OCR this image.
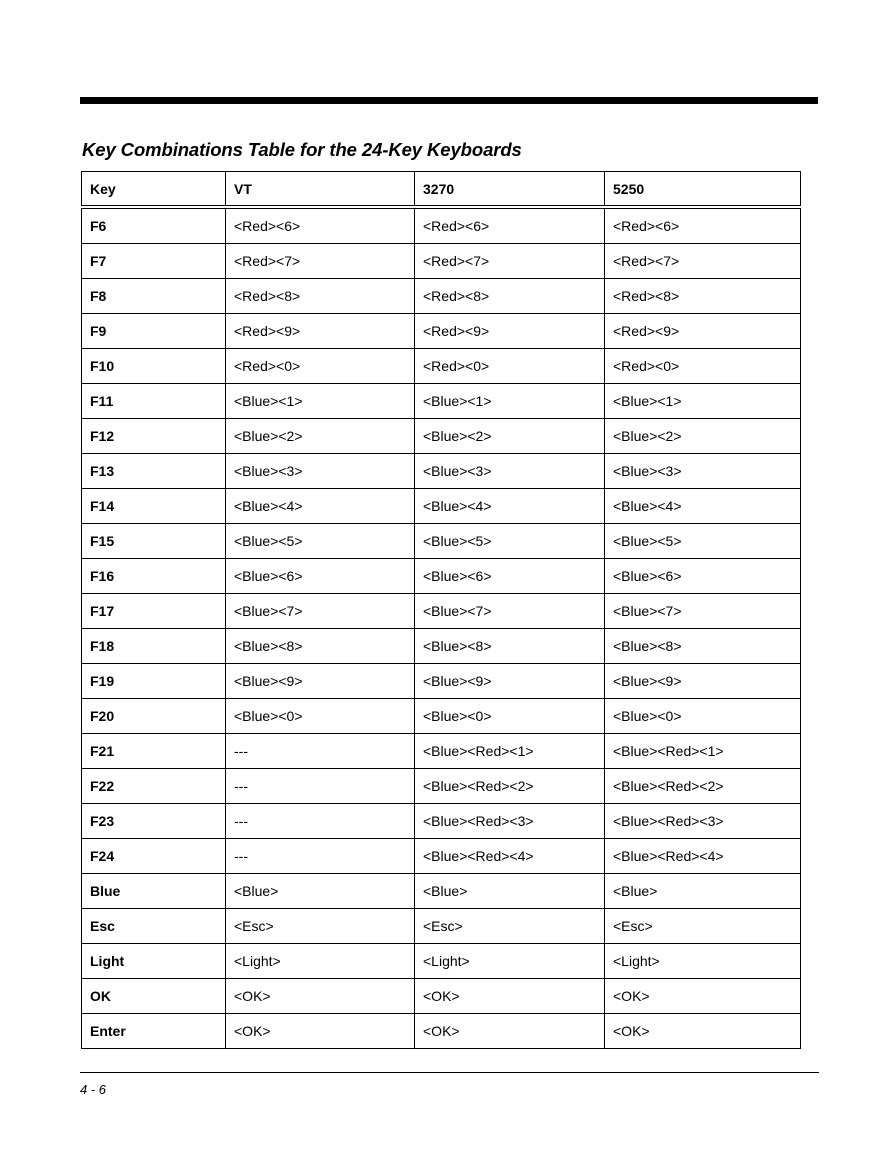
Key Combinations Table for the 24-Key Keyboards
Key	VT	3270	5250
F6	<Red><6>	<Red><6>	<Red><6>
F7	<Red><7>	<Red><7>	<Red><7>
F8	<Red><8>	<Red><8>	<Red><8>
F9	<Red><9>	<Red><9>	<Red><9>
F10	<Red><0>	<Red><0>	<Red><0>
F11	<Blue><1>	<Blue><1>	<Blue><1>
F12	<Blue><2>	<Blue><2>	<Blue><2>
F13	<Blue><3>	<Blue><3>	<Blue><3>
F14	<Blue><4>	<Blue><4>	<Blue><4>
F15	<Blue><5>	<Blue><5>	<Blue><5>
F16	<Blue><6>	<Blue><6>	<Blue><6>
F17	<Blue><7>	<Blue><7>	<Blue><7>
F18	<Blue><8>	<Blue><8>	<Blue><8>
F19	<Blue><9>	<Blue><9>	<Blue><9>
F20	<Blue><0>	<Blue><0>	<Blue><0>
F21	---	<Blue><Red><1>	<Blue><Red><1>
F22	---	<Blue><Red><2>	<Blue><Red><2>
F23	---	<Blue><Red><3>	<Blue><Red><3>
F24	---	<Blue><Red><4>	<Blue><Red><4>
Blue	<Blue>	<Blue>	<Blue>
Esc	<Esc>	<Esc>	<Esc>
Light	<Light>	<Light>	<Light>
OK	<OK>	<OK>	<OK>
Enter	<OK>	<OK>	<OK>
4 - 6
